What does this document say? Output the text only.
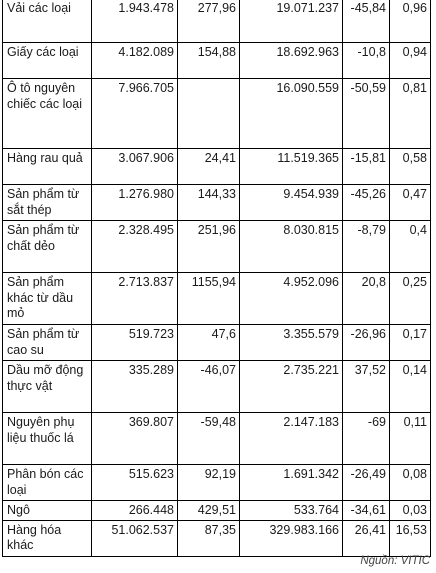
Vải các loại	1.943.478	277,96	19.071.237	-45,84	0,96
Giấy các loại	4.182.089	154,88	18.692.963	-10,8	0,94
Ô tô nguyên chiếc các loại	7.966.705		16.090.559	-50,59	0,81
Hàng rau quả	3.067.906	24,41	11.519.365	-15,81	0,58
Sản phẩm từ sắt thép	1.276.980	144,33	9.454.939	-45,26	0,47
Sản phẩm từ chất dẻo	2.328.495	251,96	8.030.815	-8,79	0,4
Sản phẩm khác từ dầu mỏ	2.713.837	1155,94	4.952.096	20,8	0,25
Sản phẩm từ cao su	519.723	47,6	3.355.579	-26,96	0,17
Dầu mỡ động thực vật	335.289	-46,07	2.735.221	37,52	0,14
Nguyên phụ liệu thuốc lá	369.807	-59,48	2.147.183	-69	0,11
Phân bón các loại	515.623	92,19	1.691.342	-26,49	0,08
Ngô	266.448	429,51	533.764	-34,61	0,03
Hàng hóa khác	51.062.537	87,35	329.983.166	26,41	16,53
Nguồn: VITIC
